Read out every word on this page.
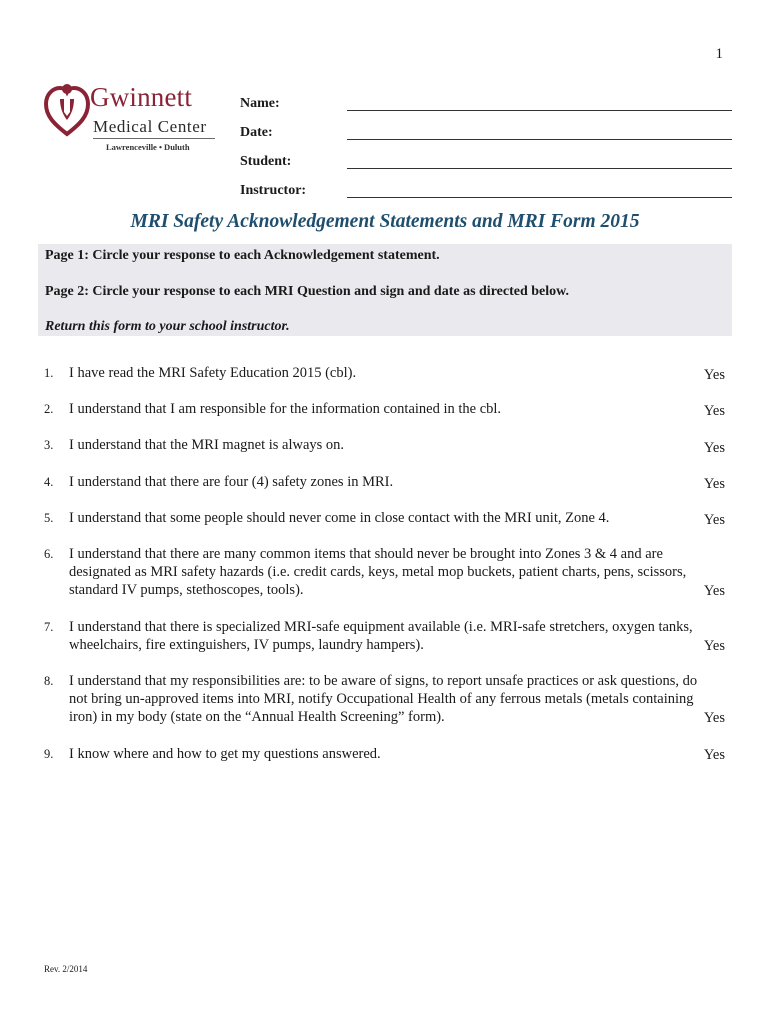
1
Gwinnett
Medical Center
Lawrenceville • Duluth
Name:
Date:
Student:
Instructor:
MRI Safety Acknowledgement Statements and MRI Form 2015
Page 1: Circle your response to each Acknowledgement statement.
Page 2: Circle your response to each MRI Question and sign and date as directed below.
Return this form to your school instructor.
1. I have read the MRI Safety Education 2015 (cbl).	Yes
2. I understand that I am responsible for the information contained in the cbl.	Yes
3. I understand that the MRI magnet is always on.	Yes
4. I understand that there are four (4) safety zones in MRI.	Yes
5. I understand that some people should never come in close contact with the MRI unit, Zone 4.	Yes
6. I understand that there are many common items that should never be brought into Zones 3 & 4 and are designated as MRI safety hazards (i.e. credit cards, keys, metal mop buckets, patient charts, pens, scissors, standard IV pumps, stethoscopes, tools).	Yes
7. I understand that there is specialized MRI-safe equipment available (i.e. MRI-safe stretchers, oxygen tanks, wheelchairs, fire extinguishers, IV pumps, laundry hampers).	Yes
8. I understand that my responsibilities are: to be aware of signs, to report unsafe practices or ask questions, do not bring un-approved items into MRI, notify Occupational Health of any ferrous metals (metals containing iron) in my body (state on the “Annual Health Screening” form).	Yes
9. I know where and how to get my questions answered.	Yes
Rev. 2/2014
